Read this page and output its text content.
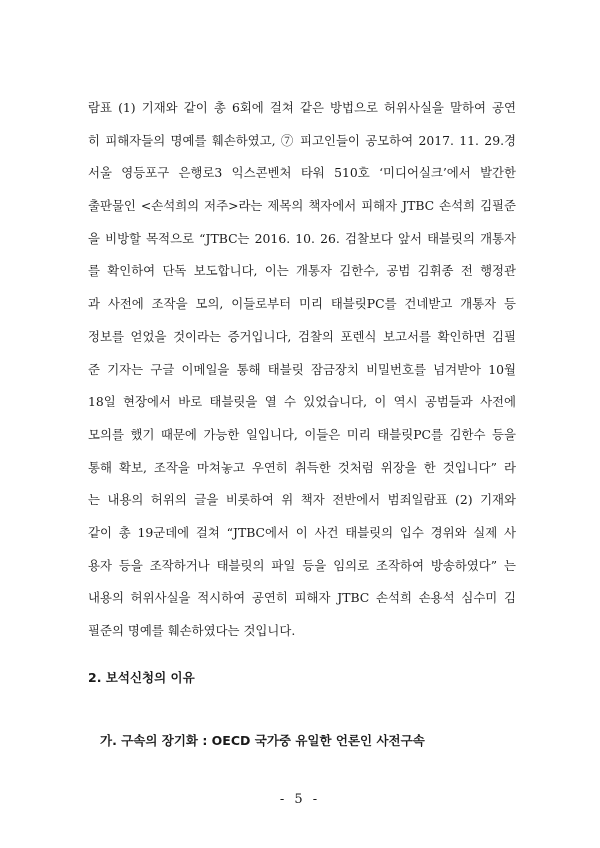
람표 (1) 기재와 같이 총 6회에 걸쳐 같은 방법으로 허위사실을 말하여 공연
히 피해자들의 명예를 훼손하였고, ⑦ 피고인들이 공모하여 2017. 11. 29.경
서울 영등포구 은행로3 익스콘벤처 타워 510호 ‘미디어실크’에서 발간한
출판물인 <손석희의 저주>라는 제목의 책자에서 피해자 JTBC 손석희 김필준
을 비방할 목적으로 “JTBC는 2016. 10. 26. 검찰보다 앞서 태블릿의 개통자
를 확인하여 단독 보도합니다, 이는 개통자 김한수, 공범 김휘종 전 행정관
과 사전에 조작을 모의, 이들로부터 미리 태블릿PC를 건네받고 개통자 등
정보를 얻었을 것이라는 증거입니다, 검찰의 포렌식 보고서를 확인하면 김필
준 기자는 구글 이메일을 통해 태블릿 잠금장치 비밀번호를 넘겨받아 10월
18일 현장에서 바로 태블릿을 열 수 있었습니다, 이 역시 공범들과 사전에
모의를 했기 때문에 가능한 일입니다, 이들은 미리 태블릿PC를 김한수 등을
통해 확보, 조작을 마쳐놓고 우연히 취득한 것처럼 위장을 한 것입니다” 라
는 내용의 허위의 글을 비롯하여 위 책자 전반에서 범죄일람표 (2) 기재와
같이 총 19군데에 걸쳐 “JTBC에서 이 사건 태블릿의 입수 경위와 실제 사
용자 등을 조작하거나 태블릿의 파일 등을 임의로 조작하여 방송하였다” 는
내용의 허위사실을 적시하여 공연히 피해자 JTBC 손석희 손용석 심수미 김
필준의 명예를 훼손하였다는 것입니다.
2. 보석신청의 이유
가. 구속의 장기화 : OECD 국가중 유일한 언론인 사전구속
- 5 -
